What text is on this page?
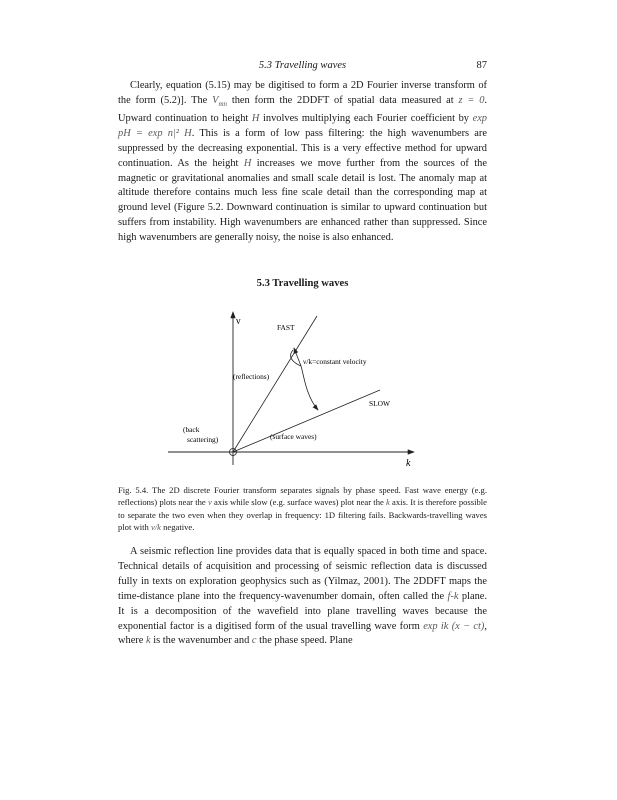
5.3 Travelling waves	87
Clearly, equation (5.15) may be digitised to form a 2D Fourier inverse transform of the form (5.2)]. The $V_{mn}$ then form the 2DDFT of spatial data measured at z = 0. Upward continuation to height H involves multiplying each Fourier coefficient by exp pH = exp n|² H. This is a form of low pass filtering: the high wavenumbers are suppressed by the decreasing exponential. This is a very effective method for upward continuation. As the height H increases we move further from the sources of the magnetic or gravitational anomalies and small scale detail is lost. The anomaly map at altitude therefore contains much less fine scale detail than the corresponding map at ground level (Figure 5.2. Downward continuation is similar to upward continuation but suffers from instability. High wavenumbers are enhanced rather than suppressed. Since high wavenumbers are generally noisy, the noise is also enhanced.
5.3 Travelling waves
ν
k
FAST
SLOW
ν/k=constant velocity
(reflections)
(back
scattering)	(surface waves)
Fig. 5.4. The 2D discrete Fourier transform separates signals by phase speed. Fast wave energy (e.g. reflections) plots near the ν axis while slow (e.g. surface waves) plot near the k axis. It is therefore possible to separate the two even when they overlap in frequency: 1D filtering fails. Backwards-travelling waves plot with ν/k negative.
A seismic reflection line provides data that is equally spaced in both time and space. Technical details of acquisition and processing of seismic reflection data is discussed fully in texts on exploration geophysics such as (Yilmaz, 2001). The 2DDFT maps the time-distance plane into the frequency-wavenumber domain, often called the f-k plane. It is a decomposition of the wavefield into plane travelling waves because the exponential factor is a digitised form of the usual travelling wave form exp ik (x − ct), where k is the wavenumber and c the phase speed. Plane
